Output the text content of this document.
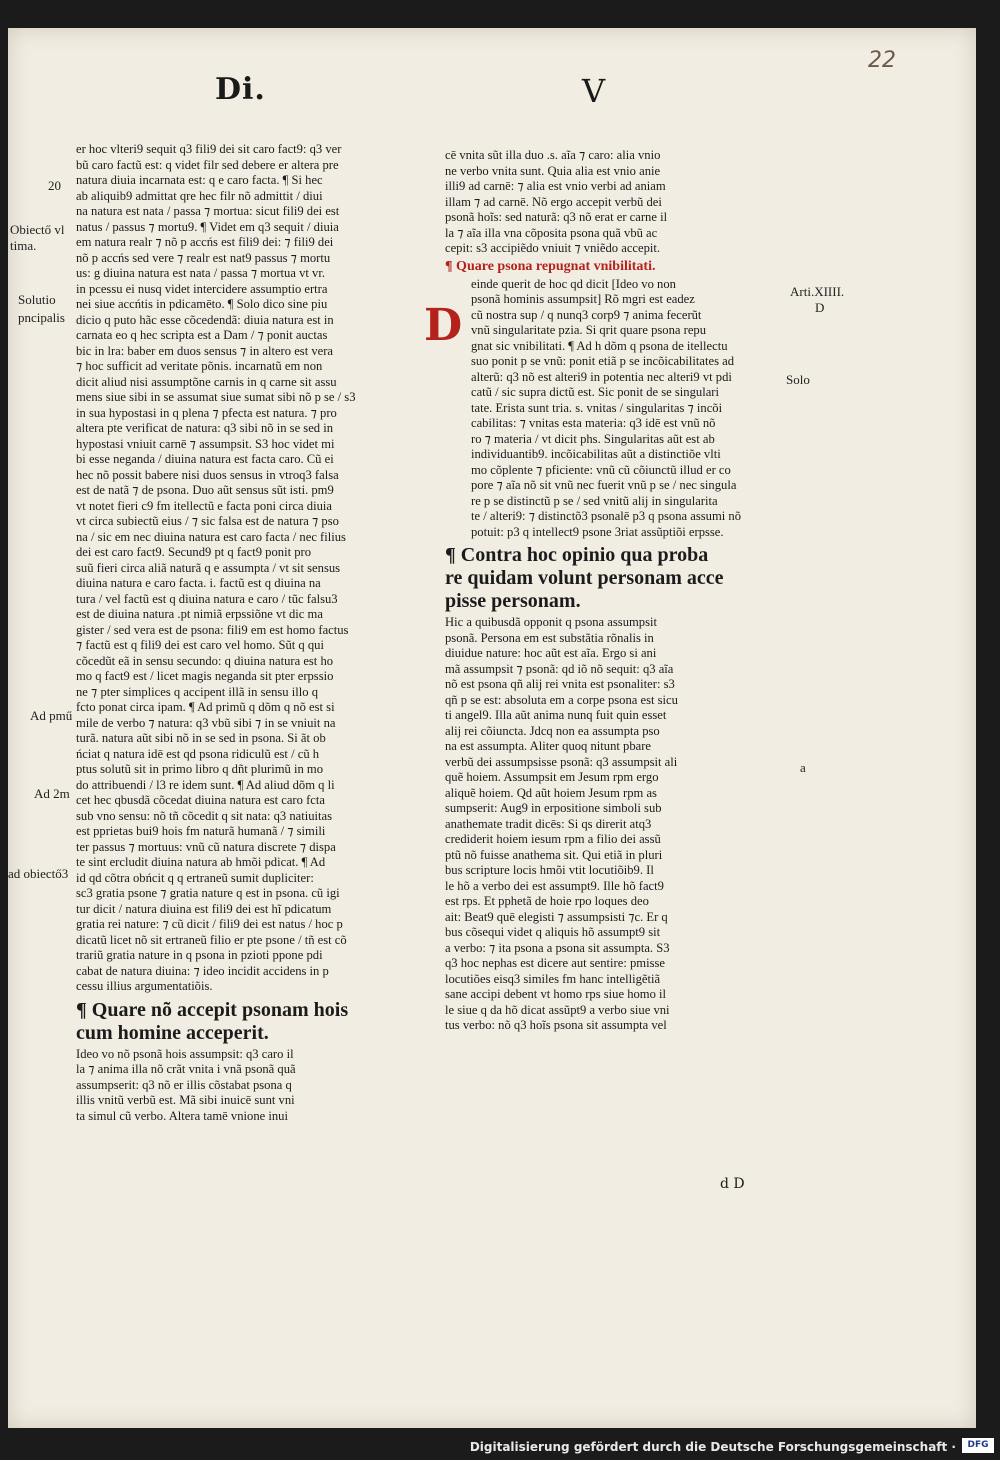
Di.	V
22
20
Obiectő vl
tima.
Solutio
pncipalis
Ad pmű
Ad 2m
ad obiectő3
Arti.XIIII.
D
Solo
a
er hoc vlteri9 sequit q3 fili9 dei sit caro fact9: q3 ver
bũ caro factũ est: q videt filr sed debere er altera pre
natura diuia incarnata est: q e caro facta. ¶ Si hec
ab aliquib9 admittat qre hec filr nõ admittit / diui
na natura est nata / passa ⁊ mortua: sicut fili9 dei est
natus / passus ⁊ mortu9. ¶ Videt em q3 sequit / diuia
em natura realr ⁊ nõ p accńs est fili9 dei: ⁊ fili9 dei
nõ p accńs sed vere ⁊ realr est nat9 passus ⁊ mortu
us: g diuina natura est nata / passa ⁊ mortua vt vr.
in pcessu ei nusq videt intercidere assumptio ertra
nei siue accńtis in pdicamēto. ¶ Solo dico sine piu
dicio q puto hãc esse cõcedendã: diuia natura est in
carnata eo q hec scripta est a Dam / ⁊ ponit auctas
bic in lra: baber em duos sensus ⁊ in altero est vera
⁊ hoc sufficit ad veritate põnis. incarnatũ em non
dicit aliud nisi assumptõne carnis in q carne sit assu
mens siue sibi in se assumat siue sumat sibi nõ p se / s3
in sua hypostasi in q plena ⁊ pfecta est natura. ⁊ pro
altera pte verificat de natura: q3 sibi nõ in se sed in
hypostasi vniuit carnē ⁊ assumpsit. S3 hoc videt mi
bi esse neganda / diuina natura est facta caro. Cũ ei
hec nõ possit babere nisi duos sensus in vtroq3 falsa
est de natã ⁊ de psona. Duo aũt sensus sũt isti. pm9
vt notet fieri c9 fm itellectũ e facta poni circa diuia
vt circa subiectũ eius / ⁊ sic falsa est de natura ⁊ pso
na / sic em nec diuina natura est caro facta / nec filius
dei est caro fact9. Secund9 pt q fact9 ponit pro
suũ fieri circa aliã naturã q e assumpta / vt sit sensus
diuina natura e caro facta. i. factũ est q diuina na
tura / vel factũ est q diuina natura e caro / tũc falsu3
est de diuina natura .pt nimiã erpssiõne vt dic ma
gister / sed vera est de psona: fili9 em est homo factus
⁊ factũ est q fili9 dei est caro vel homo. Sũt q qui
cõcedũt eã in sensu secundo: q diuina natura est ho
mo q fact9 est / licet magis neganda sit pter erpssio
ne ⁊ pter simplices q accipent illã in sensu illo q
fcto ponat circa ipam. ¶ Ad primũ q dõm q nõ est si
mile de verbo ⁊ natura: q3 vbũ sibi ⁊ in se vniuit na
turã. natura aũt sibi nõ in se sed in psona. Si ãt ob
ńciat q natura idē est qd psona ridiculũ est / cũ h
ptus solutũ sit in primo libro q dñt plurimũ in mo
do attribuendi / l3 re idem sunt. ¶ Ad aliud dõm q li
cet hec qbusdã cõcedat diuina natura est caro fcta
sub vno sensu: nõ tñ cõcedit q sit nata: q3 natiuitas
est pprietas bui9 hois fm naturã humanã / ⁊ simili
ter passus ⁊ mortuus: vnũ cũ natura discrete ⁊ dispa
te sint ercludit diuina natura ab hmõi pdicat. ¶ Ad
id qd cõtra obńcit q q ertraneũ sumit dupliciter:
sc3 gratia psone ⁊ gratia nature q est in psona. cũ igi
tur dicit / natura diuina est fili9 dei est hĩ pdicatum
gratia rei nature: ⁊ cũ dicit / fili9 dei est natus / hoc p
dicatũ licet nõ sit ertraneũ filio er pte psone / tñ est cõ
trariũ gratia nature in q psona in pzioti ppone pdi
cabat de natura diuina: ⁊ ideo incidit accidens in p
cessu illius argumentatiõis.
¶ Quare nõ accepit psonam hois
cum homine acceperit.
Ideo vo nõ psonã hois assumpsit: q3 caro il
la ⁊ anima illa nõ crãt vnita i vnã psonã quã
assumpserit: q3 nõ er illis cõstabat psona q
illis vnitũ verbũ est. Mã sibi inuicē sunt vni
ta simul cũ verbo. Altera tamē vnione inui
D
cē vnita sũt illa duo .s. aĩa ⁊ caro: alia vnio
ne verbo vnita sunt. Quia alia est vnio anie
illi9 ad carnē: ⁊ alia est vnio verbi ad aniam
illam ⁊ ad carnē. Nõ ergo accepit verbũ dei
psonã hoĩs: sed naturã: q3 nõ erat er carne il
la ⁊ aĩa illa vna cõposita psona quã vbũ ac
cepit: s3 accipiẽdo vniuit ⁊ vniẽdo accepit.
¶ Quare psona repugnat vnibilitati.
einde querit de hoc qd dicit [Ideo vo non
psonã hominis assumpsit] Rõ mgri est eadez
cũ nostra sup / q nunq3 corp9 ⁊ anima fecerũt
vnũ singularitate pzia. Si qrit quare psona repu
gnat sic vnibilitati. ¶ Ad h dõm q psona de itellectu
suo ponit p se vnũ: ponit etiã p se incõicabilitates ad
alterũ: q3 nõ est alteri9 in potentia nec alteri9 vt pdi
catũ / sic supra dictũ est. Sic ponit de se singulari
tate. Erista sunt tria. s. vnitas / singularitas ⁊ incõi
cabilitas: ⁊ vnitas esta materia: q3 idē est vnũ nõ
ro ⁊ materia / vt dicit phs. Singularitas aũt est ab
individuantib9. incõicabilitas aũt a distinctiõe vlti
mo cõplente ⁊ pficiente: vnũ cũ cõiunctũ illud er co
pore ⁊ aĩa nõ sit vnũ nec fuerit vnũ p se / nec singula
re p se distinctũ p se / sed vnitũ alij in singularita
te / alteri9: ⁊ distinctõ3 psonalē p3 q psona assumi nõ
potuit: p3 q intellect9 psone 3riat assũptiõi erpsse.
¶ Contra hoc opinio qua proba
re quidam volunt personam acce
pisse personam.
Hic a quibusdã opponit q psona assumpsit
psonã. Persona em est substãtia rõnalis in
diuidue nature: hoc aũt est aĩa. Ergo si ani
mã assumpsit ⁊ psonã: qd iõ nõ sequit: q3 aĩa
nõ est psona qñ alij rei vnita est psonaliter: s3
qñ p se est: absoluta em a corpe psona est sicu
ti angel9. Illa aũt anima nunq fuit quin esset
alij rei cõiuncta. Jdcq non ea assumpta pso
na est assumpta. Aliter quoq nitunt pbare
verbũ dei assumpsisse psonã: q3 assumpsit ali
quẽ hoiem. Assumpsit em Jesum rpm ergo
aliquẽ hoiem. Qd aũt hoiem Jesum rpm as
sumpserit: Aug9 in erpositione simboli sub
anathemate tradit dicēs: Si qs direrit atq3
crediderit hoiem iesum rpm a filio dei assũ
ptũ nõ fuisse anathema sit. Qui etiã in pluri
bus scripture locis hmõi vtit locutiõib9. Il
le hõ a verbo dei est assumpt9. Ille hõ fact9
est rps. Et pphetã de hoie rpo loques deo
ait: Beat9 quē elegisti ⁊ assumpsisti ⁊c. Er q
bus cõsequi videt q aliquis hõ assumpt9 sit
a verbo: ⁊ ita psona a psona sit assumpta. S3
q3 hoc nephas est dicere aut sentire: pmisse
locutiões eisq3 similes fm hanc intelligẽtiã
sane accipi debent vt homo rps siue homo il
le siue q da hõ dicat assũpt9 a verbo siue vni
tus verbo: nõ q3 hoĩs psona sit assumpta vel
d D
Digitalisierung gefördert durch die Deutsche Forschungsgemeinschaft ·	DFG
